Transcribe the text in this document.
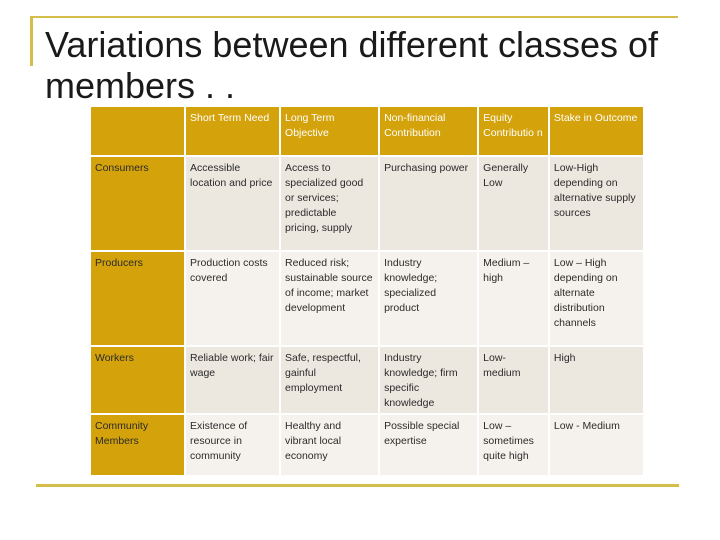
Variations between different classes of members . .
	Short Term Need	Long Term Objective	Non-financial Contribution	Equity Contributio n	Stake in Outcome
Consumers	Accessible location and price	Access to specialized good or services; predictable pricing, supply	Purchasing power	Generally Low	Low-High depending on alternative supply sources
Producers	Production costs covered	Reduced risk; sustainable source of income; market development	Industry knowledge; specialized product	Medium – high	Low – High depending on alternate distribution channels
Workers	Reliable work; fair wage	Safe, respectful, gainful employment	Industry knowledge; firm specific knowledge	Low-medium	High
Community Members	Existence of resource in community	Healthy and vibrant local economy	Possible special expertise	Low – sometimes quite high	Low - Medium
